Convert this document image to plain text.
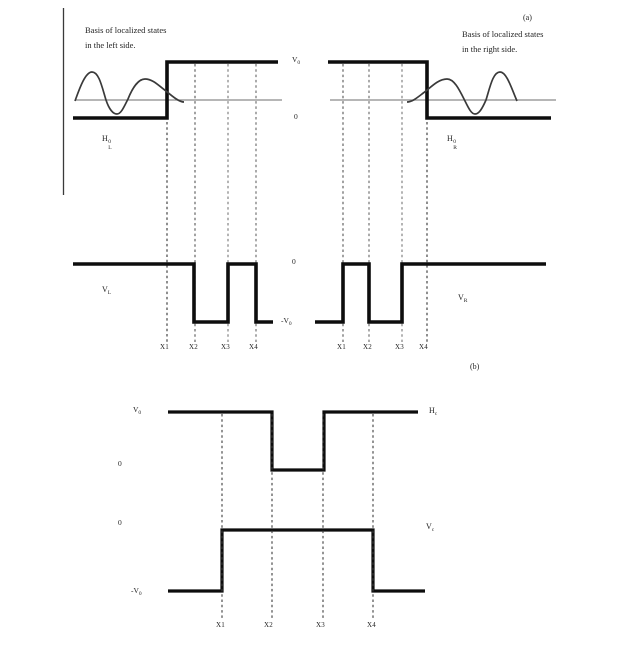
Basis of localized states
in the left side.
(a)
Basis of localized states
in the right side.
$V_0$
0
H 0
L
H 0
R
$V_L$
0
$-V_0$
$V_R$
X1	X2	X3	X4	X1 X2	X3 X4
(b)
$V_0$
0
$H_c$
0
$-V_0$
$V_c$
X1	X2	X3	X4
